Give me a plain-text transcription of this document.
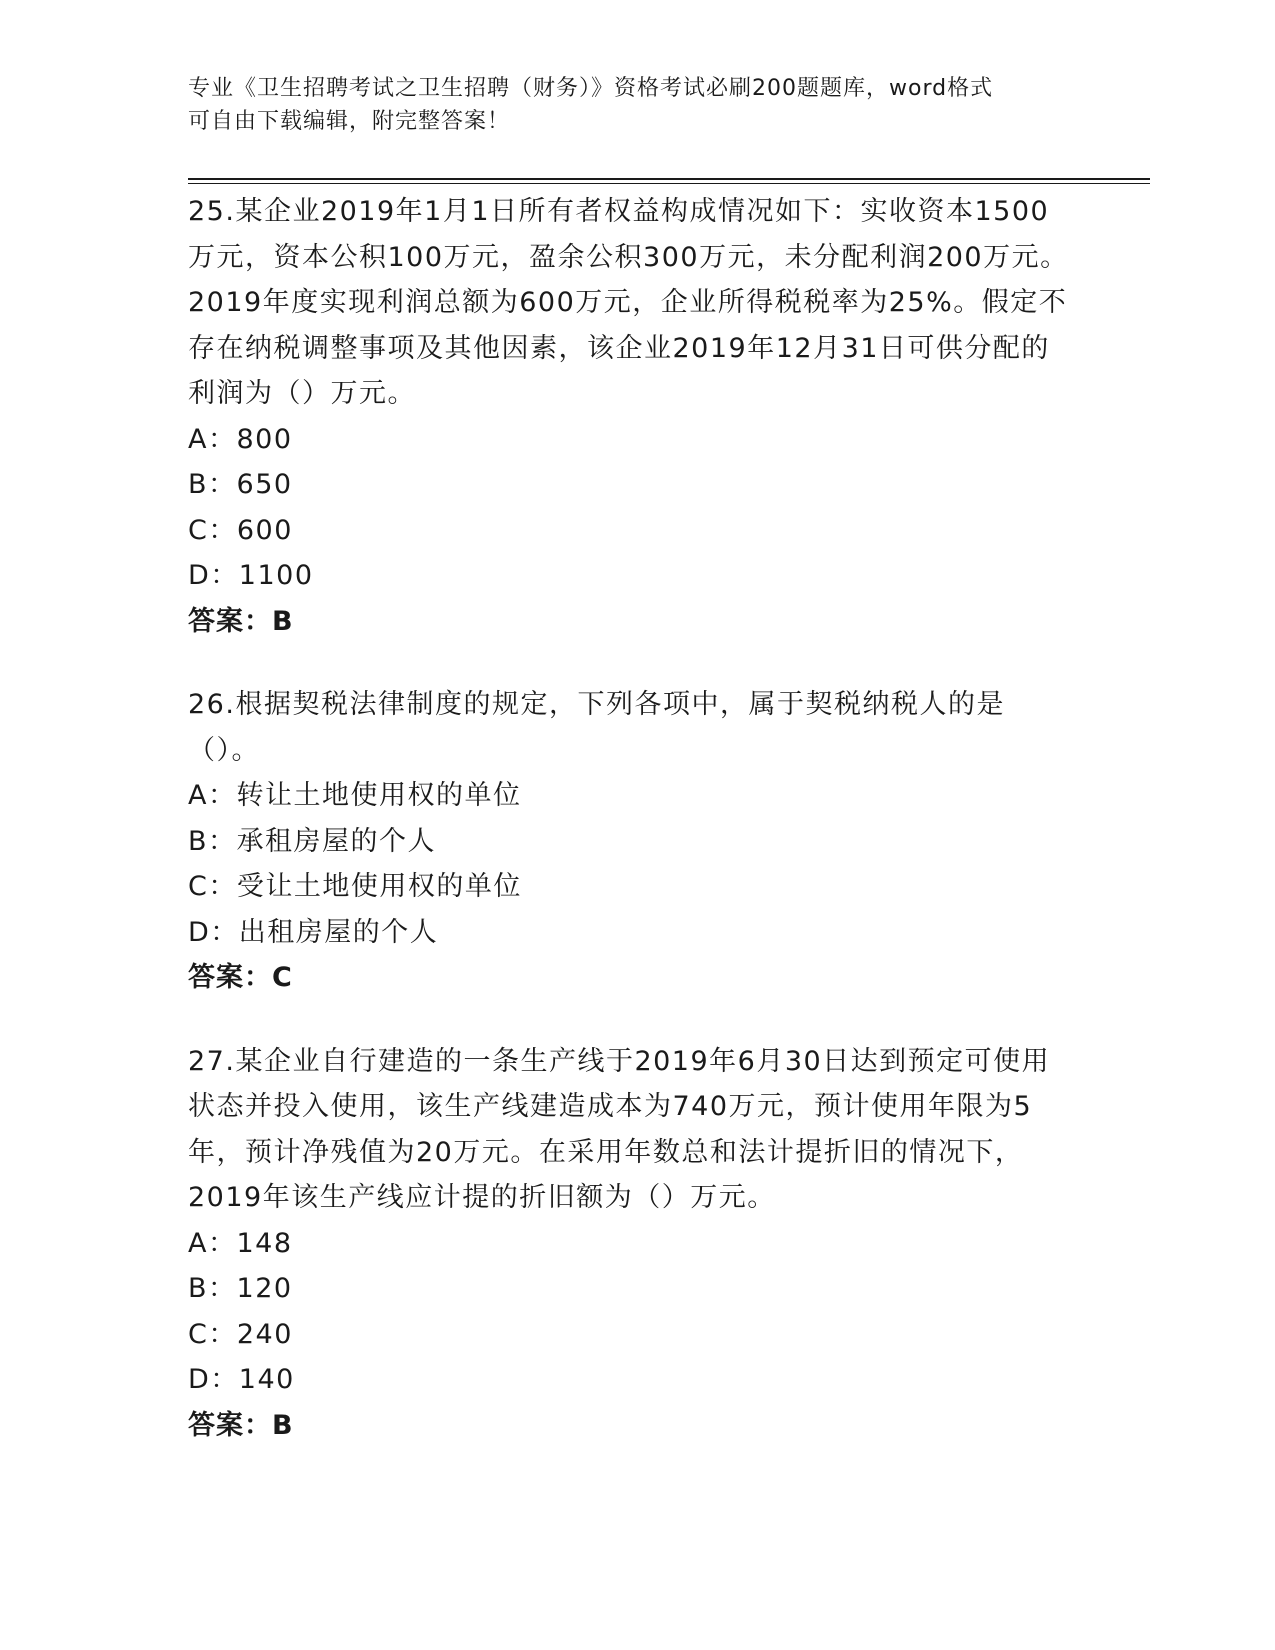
专业《卫生招聘考试之卫生招聘（财务）》资格考试必刷200题题库，word格式
可自由下载编辑，附完整答案！
25.某企业2019年1月1日所有者权益构成情况如下：实收资本1500万元，资本公积100万元，盈余公积300万元，未分配利润200万元。2019年度实现利润总额为600万元，企业所得税税率为25%。假定不存在纳税调整事项及其他因素，该企业2019年12月31日可供分配的利润为（）万元。
A：800
B：650
C：600
D：1100
答案：B
26.根据契税法律制度的规定，下列各项中，属于契税纳税人的是（）。
A：转让土地使用权的单位
B：承租房屋的个人
C：受让土地使用权的单位
D：出租房屋的个人
答案：C
27.某企业自行建造的一条生产线于2019年6月30日达到预定可使用状态并投入使用，该生产线建造成本为740万元，预计使用年限为5年，预计净残值为20万元。在采用年数总和法计提折旧的情况下，2019年该生产线应计提的折旧额为（）万元。
A：148
B：120
C：240
D：140
答案：B
